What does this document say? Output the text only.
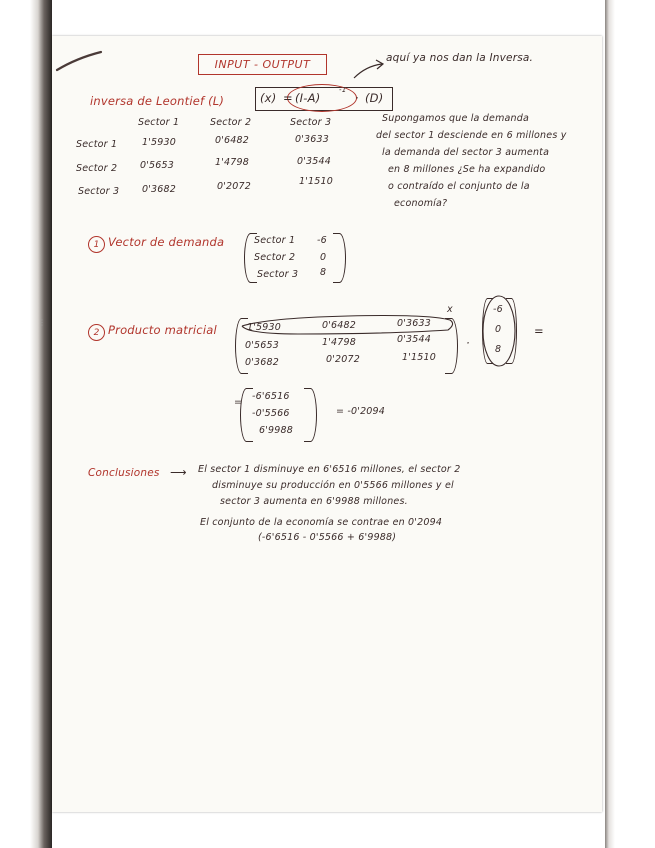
⋮
INPUT - OUTPUT	aquí ya nos dan la Inversa.
inversa de Leontief (L)	(x) = (I-A)
-1
· (D)
Sector 1	Sector 2	Sector 3
Sector 1	1'5930	0'6482	0'3633
Sector 2 0'5653	1'4798	0'3544
Sector 3 0'3682	0'2072	1'1510
Supongamos que la demanda
del sector 1 desciende en 6 millones y
la demanda del sector 3 aumenta
en 8 millones ¿Se ha expandido
o contraído el conjunto de la
economía?
1 Vector de demanda	Sector 1 -6
Sector 2	0
Sector 3 8
2 Producto matricial	1'5930	0'6482	0'3633
0'5653	1'4798	0'3544
0'3682	0'2072	1'1510
x
·
-6
0
8
=
=
-6'6516
-0'5566
6'9988
= -0'2094
Conclusiones ⟶ El sector 1 disminuye en 6'6516 millones, el sector 2
disminuye su producción en 0'5566 millones y el
sector 3 aumenta en 6'9988 millones.
El conjunto de la economía se contrae en 0'2094
(-6'6516 - 0'5566 + 6'9988)
